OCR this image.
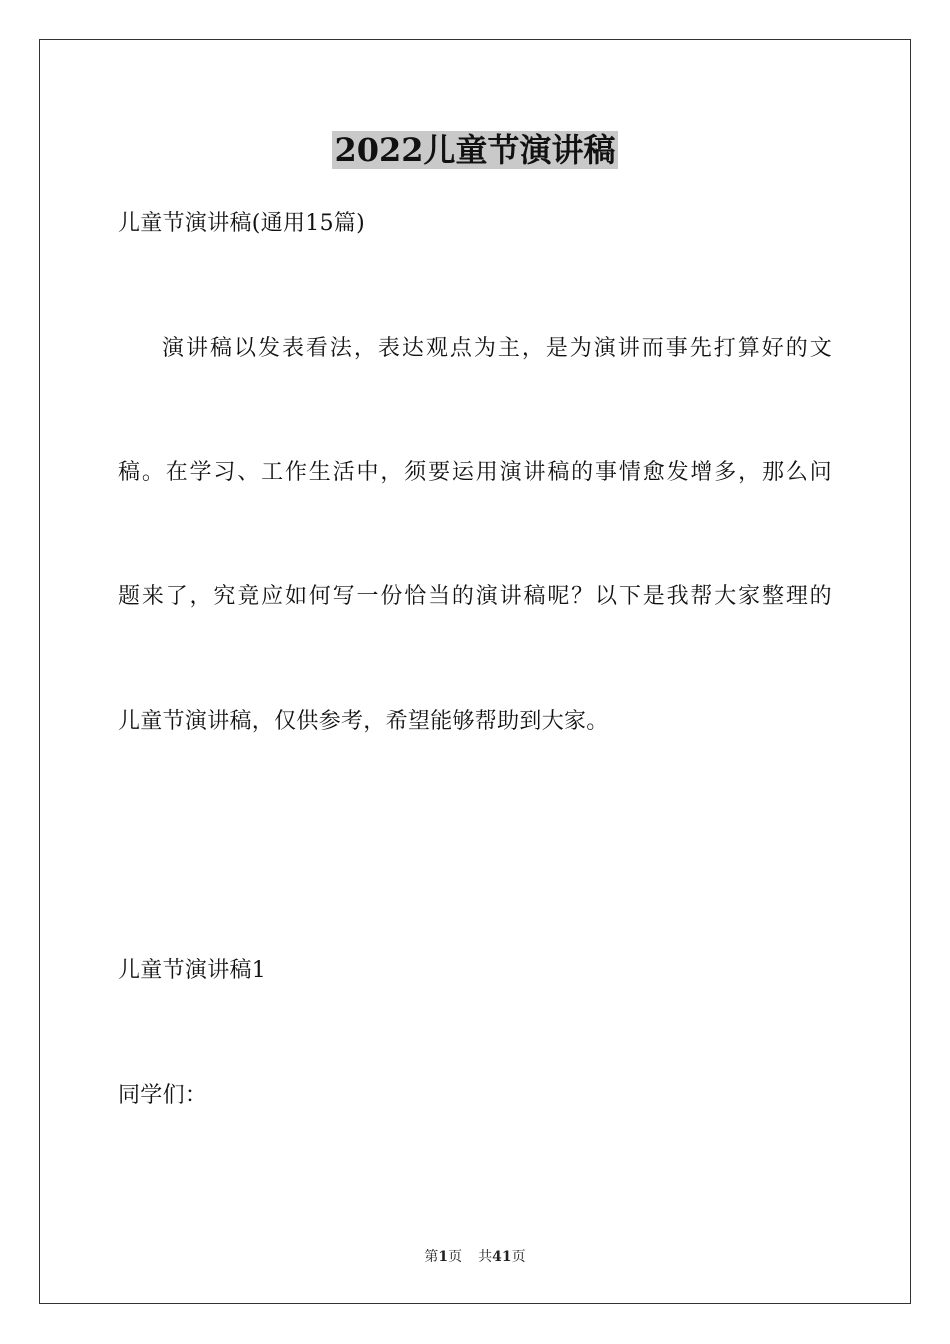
2022儿童节演讲稿
儿童节演讲稿(通用15篇)
演讲稿以发表看法，表达观点为主，是为演讲而事先打算好的文
稿。在学习、工作生活中，须要运用演讲稿的事情愈发增多，那么问
题来了，究竟应如何写一份恰当的演讲稿呢？以下是我帮大家整理的
儿童节演讲稿，仅供参考，希望能够帮助到大家。
儿童节演讲稿1
同学们：
第1页 共41页
